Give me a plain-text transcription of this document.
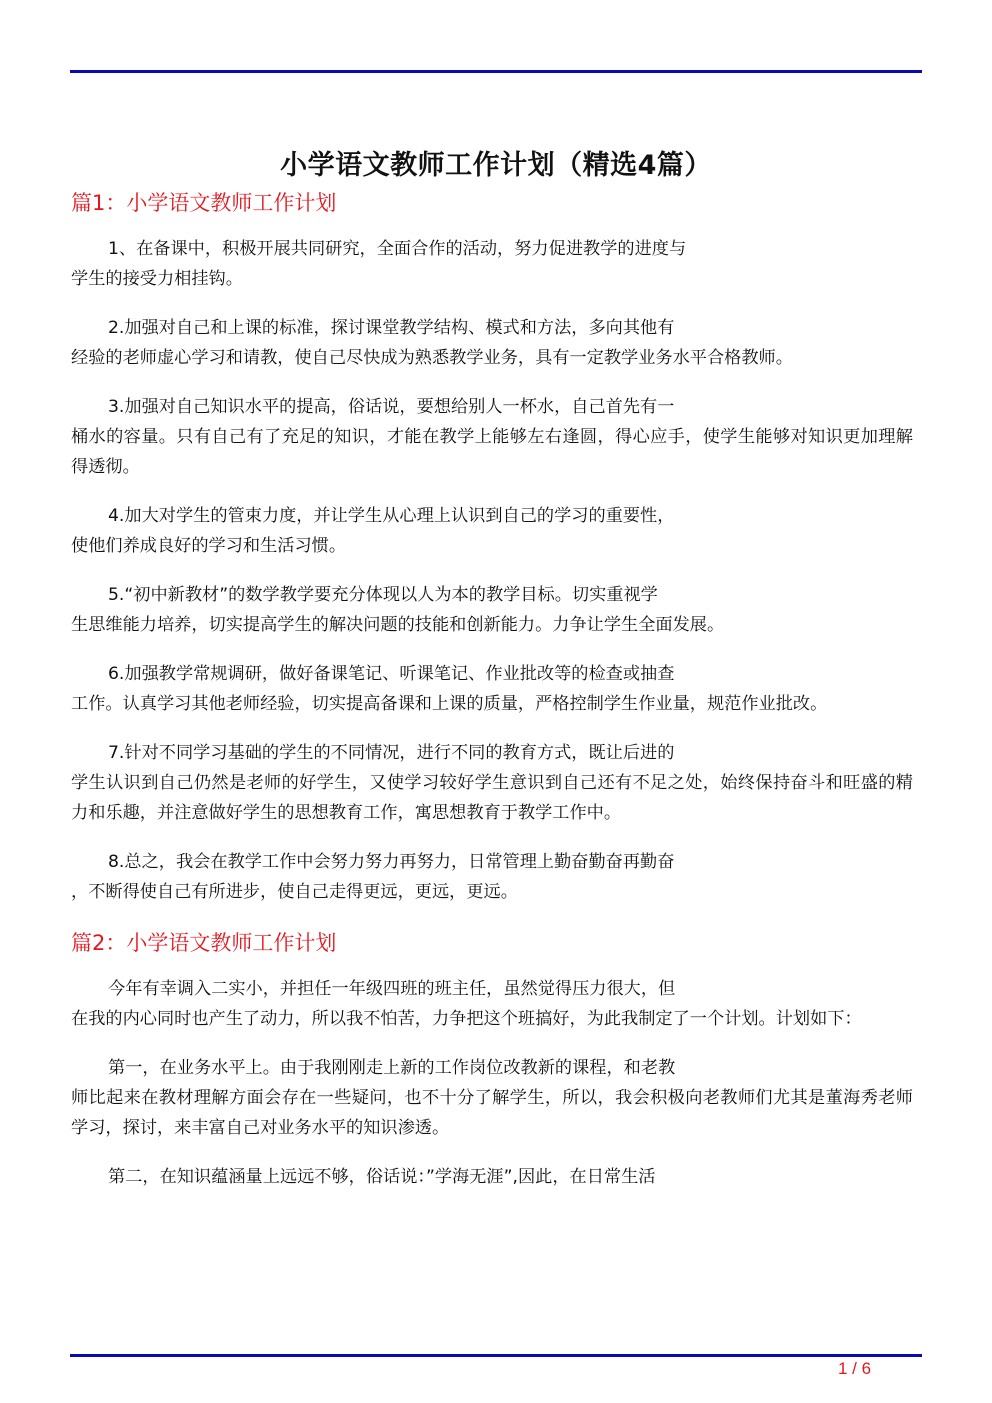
小学语文教师工作计划（精选4篇）
篇1：小学语文教师工作计划

1、在备课中，积极开展共同研究，全面合作的活动，努力促进教学的进度与
学生的接受力相挂钩。

2.加强对自己和上课的标准，探讨课堂教学结构、模式和方法，多向其他有
经验的老师虚心学习和请教，使自己尽快成为熟悉教学业务，具有一定教学业务水平合格教师。

3.加强对自己知识水平的提高，俗话说，要想给别人一杯水，自己首先有一
桶水的容量。只有自己有了充足的知识，才能在教学上能够左右逢圆，得心应手，使学生能够对知识更加理解得透彻。

4.加大对学生的管束力度，并让学生从心理上认识到自己的学习的重要性，
使他们养成良好的学习和生活习惯。

5.“初中新教材”的数学教学要充分体现以人为本的教学目标。切实重视学
生思维能力培养，切实提高学生的解决问题的技能和创新能力。力争让学生全面发展。

6.加强教学常规调研，做好备课笔记、听课笔记、作业批改等的检查或抽查
工作。认真学习其他老师经验，切实提高备课和上课的质量，严格控制学生作业量，规范作业批改。

7.针对不同学习基础的学生的不同情况，进行不同的教育方式，既让后进的
学生认识到自己仍然是老师的好学生，又使学习较好学生意识到自己还有不足之处，始终保持奋斗和旺盛的精力和乐趣，并注意做好学生的思想教育工作，寓思想教育于教学工作中。

8.总之，我会在教学工作中会努力努力再努力，日常管理上勤奋勤奋再勤奋
，不断得使自己有所进步，使自己走得更远，更远，更远。

篇2：小学语文教师工作计划

今年有幸调入二实小，并担任一年级四班的班主任，虽然觉得压力很大，但
在我的内心同时也产生了动力，所以我不怕苦，力争把这个班搞好，为此我制定了一个计划。计划如下：

第一，在业务水平上。由于我刚刚走上新的工作岗位改教新的课程，和老教
师比起来在教材理解方面会存在一些疑问，也不十分了解学生，所以，我会积极向老教师们尤其是董海秀老师学习，探讨，来丰富自己对业务水平的知识渗透。

第二，在知识蕴涵量上远远不够，俗话说：”学海无涯”,因此，在日常生活

1 / 6
